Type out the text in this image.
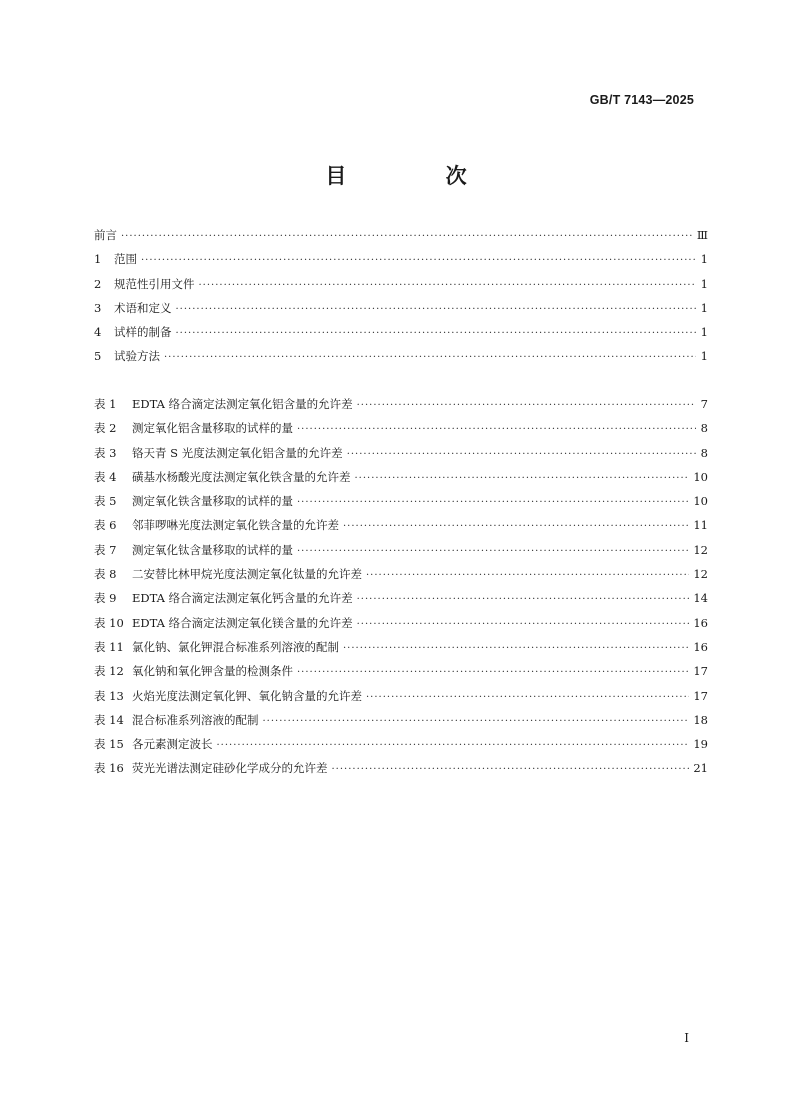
GB/T 7143—2025
目 次
前言 ·····	Ⅲ
1	范围 ·····	1
2	规范性引用文件 ·····	1
3	术语和定义 ·····	1
4	试样的制备 ·····	1
5	试验方法 ·····	1
表 1	EDTA 络合滴定法测定氧化铝含量的允许差 ·····	7
表 2	测定氧化铝含量移取的试样的量 ·····	8
表 3	铬天青 S 光度法测定氧化铝含量的允许差 ·····	8
表 4	磺基水杨酸光度法测定氧化铁含量的允许差 ·····	10
表 5	测定氧化铁含量移取的试样的量 ·····	10
表 6	邻菲啰啉光度法测定氧化铁含量的允许差 ·····	11
表 7	测定氧化钛含量移取的试样的量 ·····	12
表 8	二安替比林甲烷光度法测定氧化钛量的允许差 ·····	12
表 9	EDTA 络合滴定法测定氧化钙含量的允许差 ·····	14
表 10 EDTA 络合滴定法测定氧化镁含量的允许差 ·····	16
表 11 氯化钠、氯化钾混合标准系列溶液的配制 ·····	16
表 12 氧化钠和氧化钾含量的检测条件 ·····	17
表 13 火焰光度法测定氧化钾、氧化钠含量的允许差 ·····	17
表 14 混合标准系列溶液的配制 ·····	18
表 15 各元素测定波长 ·····	19
表 16 荧光光谱法测定硅砂化学成分的允许差 ·····	21
I
